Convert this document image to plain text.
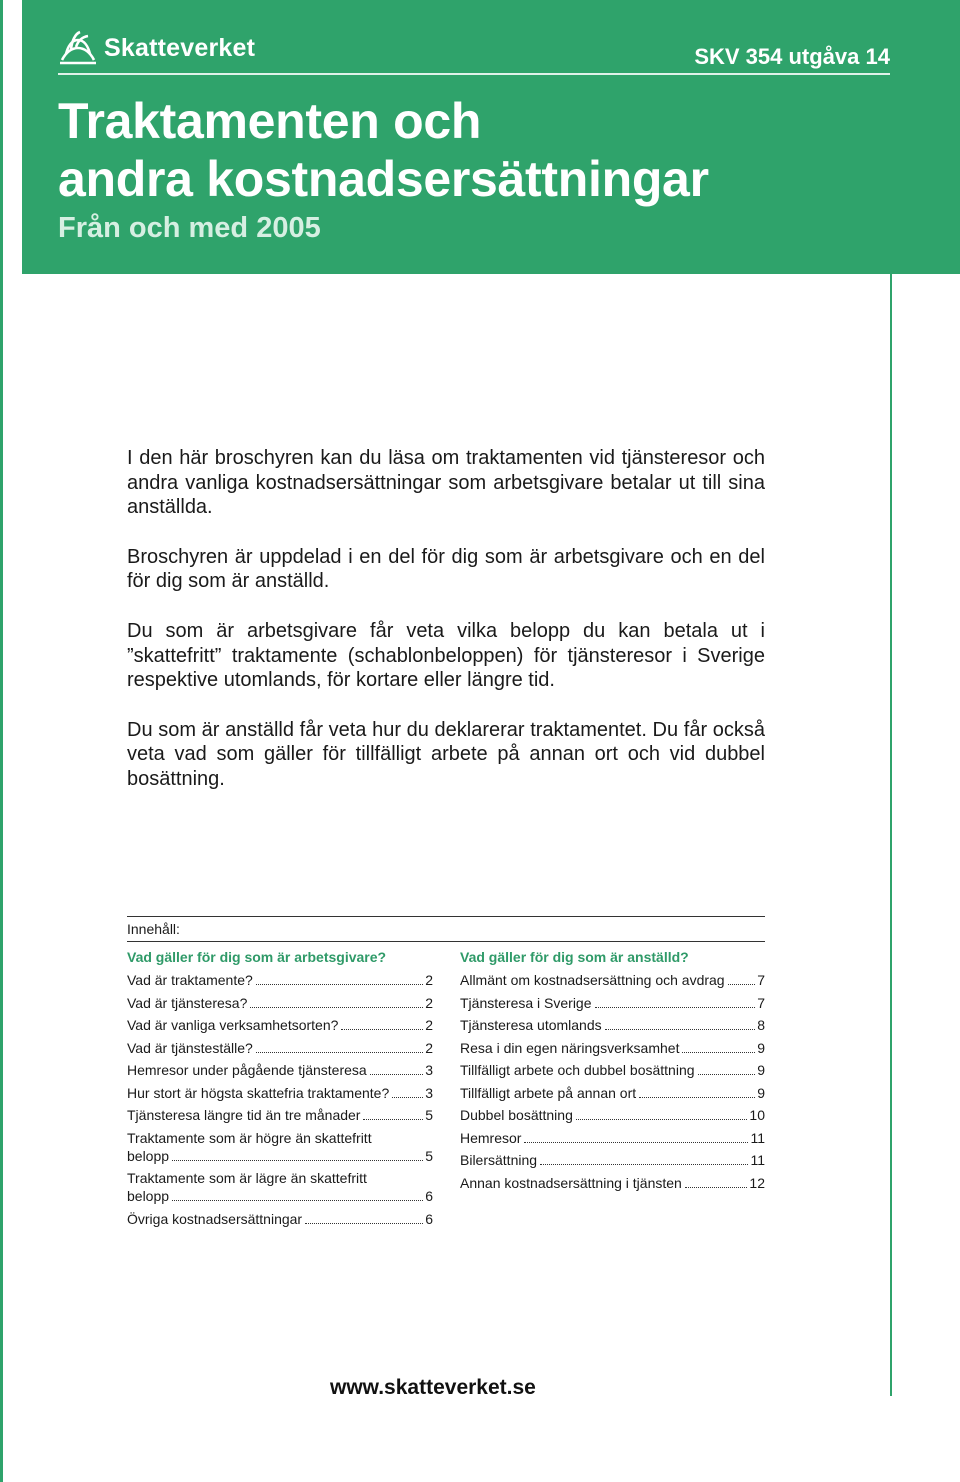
Skatteverket	SKV 354 utgåva 14
Traktamenten och
andra kostnadsersättningar
Från och med 2005

I den här broschyren kan du läsa om traktamenten vid tjänsteresor och andra vanliga kostnadsersättningar som arbetsgivare betalar ut till sina anställda.

Broschyren är uppdelad i en del för dig som är arbetsgivare och en del för dig som är anställd.

Du som är arbetsgivare får veta vilka belopp du kan betala ut i ”skattefritt” traktamente (schablonbeloppen) för tjänsteresor i Sverige respektive utomlands, för kortare eller längre tid.

Du som är anställd får veta hur du deklarerar traktamentet. Du får också veta vad som gäller för tillfälligt arbete på annan ort och vid dubbel bosättning.

Innehåll:
Vad gäller för dig som är arbetsgivare?
Vad är traktamente?	2
Vad är tjänsteresa?	2
Vad är vanliga verksamhetsorten?	2
Vad är tjänsteställe?	2
Hemresor under pågående tjänsteresa	3
Hur stort är högsta skattefria traktamente?	3
Tjänsteresa längre tid än tre månader	5
Traktamente som är högre än skattefritt
belopp	5
Traktamente som är lägre än skattefritt
belopp	6
Övriga kostnadsersättningar	6
Vad gäller för dig som är anställd?
Allmänt om kostnadsersättning och avdrag 7
Tjänsteresa i Sverige	7
Tjänsteresa utomlands	8
Resa i din egen näringsverksamhet	9
Tillfälligt arbete och dubbel bosättning	9
Tillfälligt arbete på annan ort	9
Dubbel bosättning	10
Hemresor	11
Bilersättning	11
Annan kostnadsersättning i tjänsten	12
www.skatteverket.se
